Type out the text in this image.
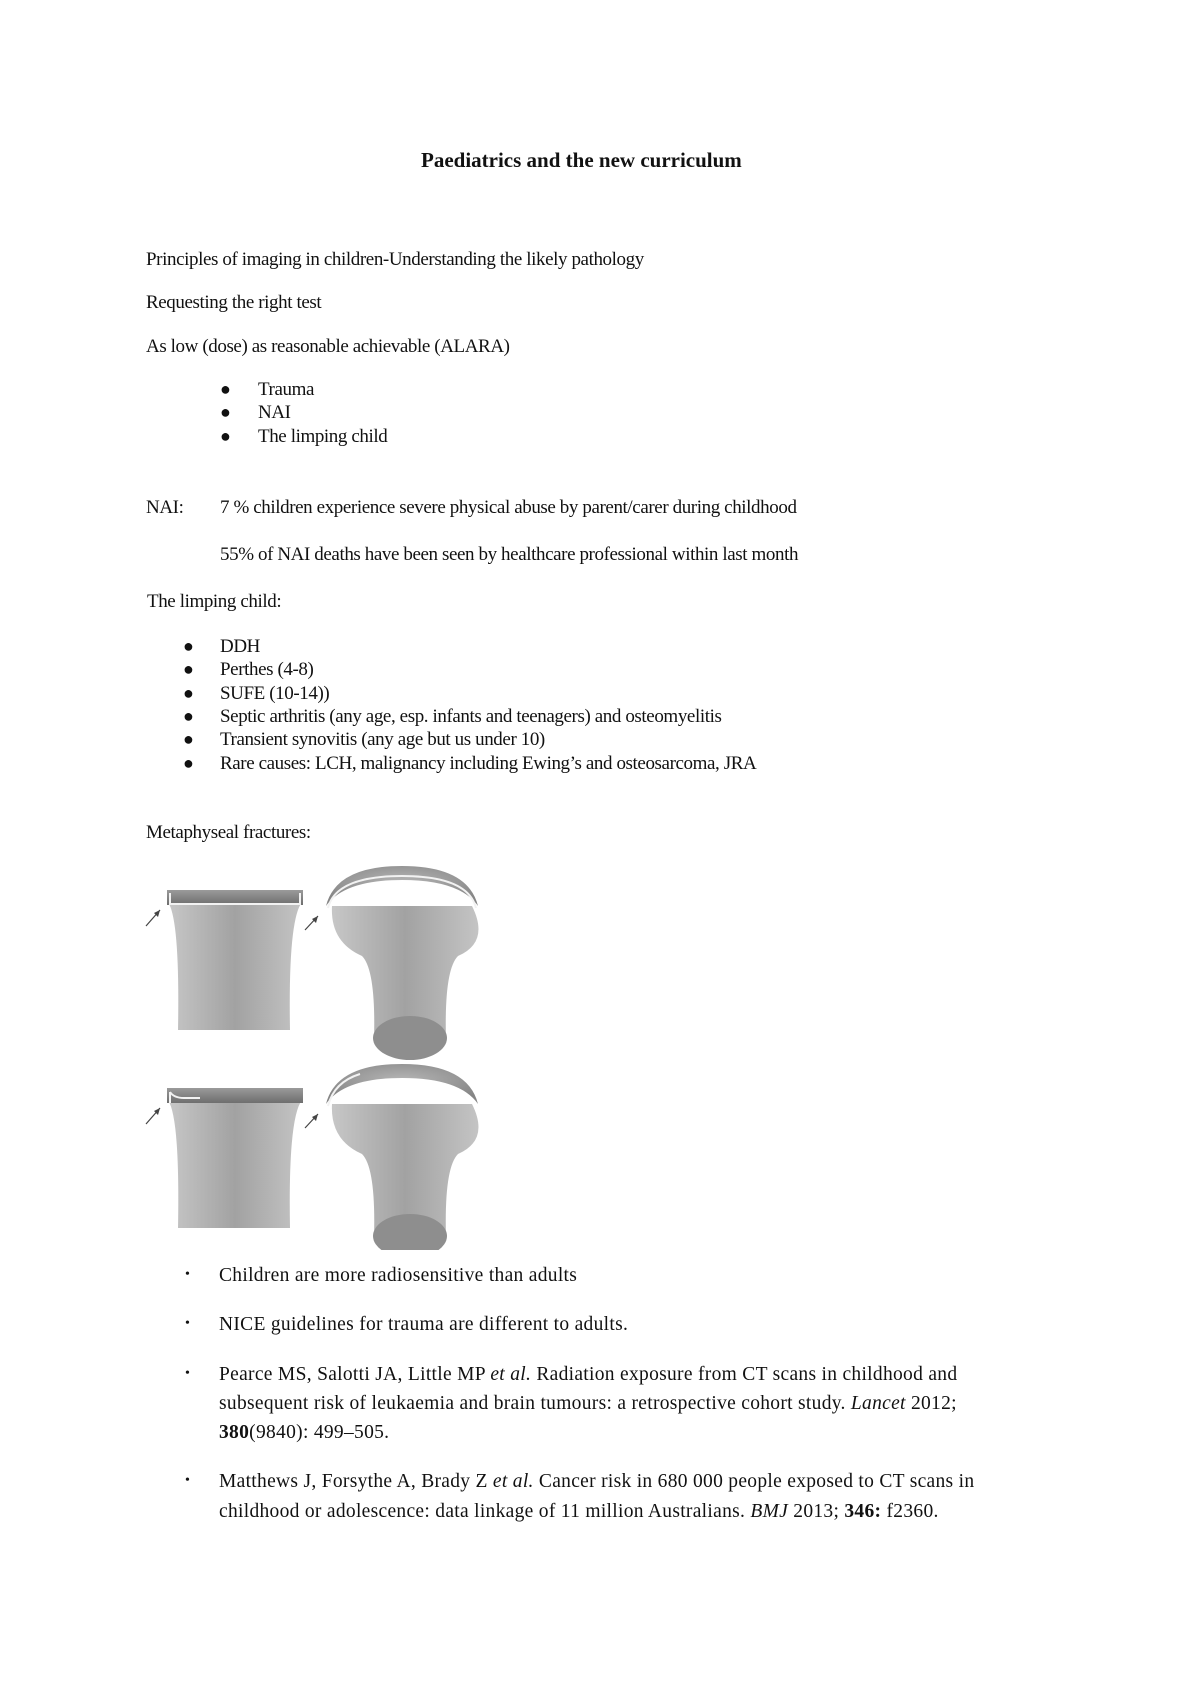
Paediatrics and the new curriculum
Principles of imaging in children-Understanding the likely pathology
Requesting the right test
As low (dose) as reasonable achievable (ALARA)
● Trauma
● NAI
● The limping child
NAI: 7 % children experience severe physical abuse by parent/carer during childhood
55% of NAI deaths have been seen by healthcare professional within last month
The limping child:
● DDH
● Perthes (4-8)
● SUFE (10-14))
● Septic arthritis (any age, esp. infants and teenagers) and osteomyelitis
● Transient synovitis (any age but us under 10)
● Rare causes: LCH, malignancy including Ewing’s and osteosarcoma, JRA
Metaphyseal fractures:
• Children are more radiosensitive than adults
• NICE guidelines for trauma are different to adults.
• Pearce MS, Salotti JA, Little MP et al. Radiation exposure from CT scans in childhood and
subsequent risk of leukaemia and brain tumours: a retrospective cohort study. Lancet 2012;
380(9840): 499–505.
• Matthews J, Forsythe A, Brady Z et al. Cancer risk in 680 000 people exposed to CT scans in
childhood or adolescence: data linkage of 11 million Australians. BMJ 2013; 346: f2360.
